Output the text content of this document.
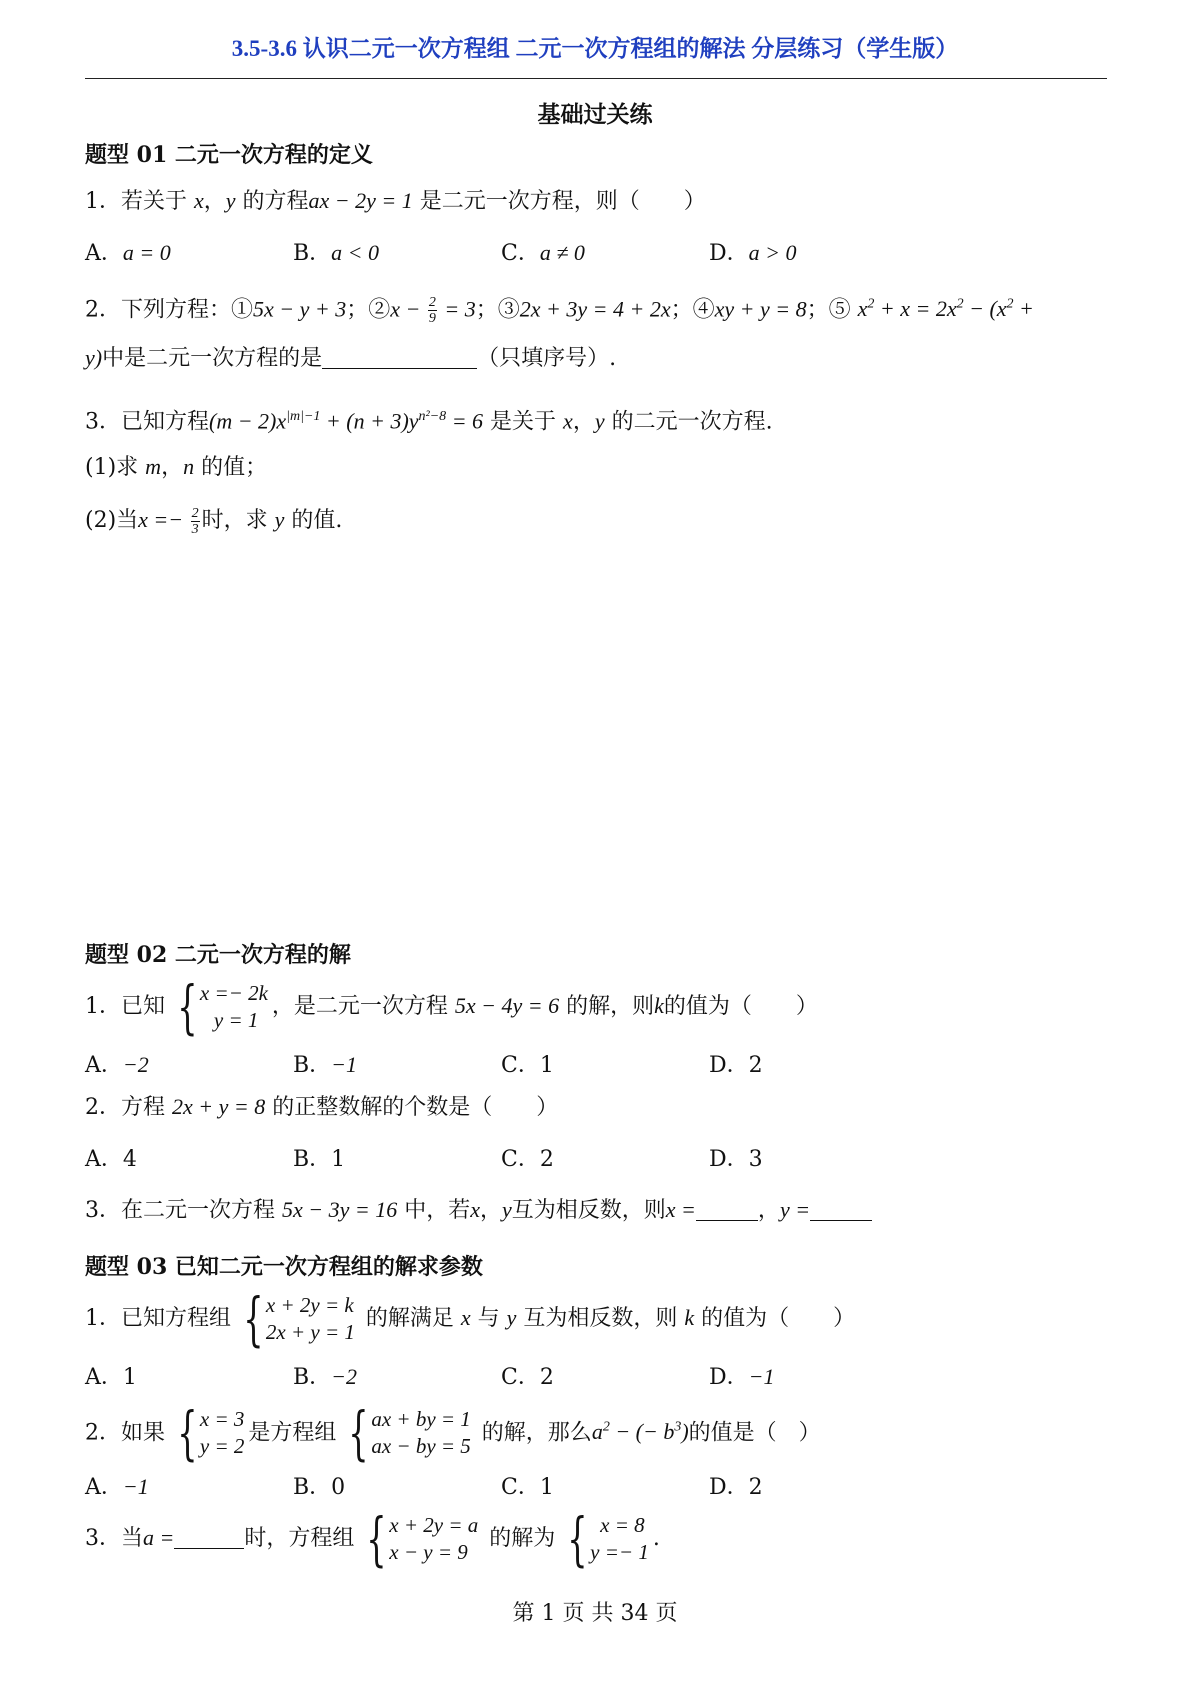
3.5-3.6 认识二元一次方程组 二元一次方程组的解法 分层练习（学生版）
基础过关练
题型 01 二元一次方程的定义
1．若关于 x，y 的方程ax − 2y = 1 是二元一次方程，则（　　）
A．a = 0	B．a < 0	C．a ≠ 0	D．a > 0
2．下列方程：①5x − y + 3；②x − $\frac{2}{9} = 3$；③2x + 3y = 4 + 2x；④xy + y = 8；⑤ $x^2 + x = 2x^2 - (x^2$ +
y)中是二元一次方程的是	（只填序号）.
3．已知方程$(m - 2)x^{|m|-1} + (n + 3)y^{n^2-8} = 6$ 是关于 x，y 的二元一次方程.
(1)求 m，n 的值；
(2)当$x =- \frac{2}{3}$ 时，求 y 的值.
题型 02 二元一次方程的解
1．已知 { x =− 2k
y = 1
，是二元一次方程 5x − 4y = 6 的解，则k的值为（　　）
A．−2	B．−1	C．1	D．2
2．方程 2x + y = 8 的正整数解的个数是（　　）
A．4	B．1	C．2	D．3
3．在二元一次方程 5x − 3y = 16 中，若x，y互为相反数，则x =	，y =
题型 03 已知二元一次方程组的解求参数
1．已知方程组 { x + 2y = k
2x + y = 1
的解满足 x 与 y 互为相反数，则 k 的值为（　　）
A．1	B．−2	C．2	D．−1
2．如果 { x = 3
y = 2
是方程组 { ax + by = 1
ax − by = 5
的解，那么$a^2$ − (− $b^3$)的值是（　）
A．−1	B．0	C．1	D．2
3．当a =	时，方程组 { x + 2y = a
x − y = 9
的解为 { x = 8
y =− 1
.
第 1 页 共 34 页
